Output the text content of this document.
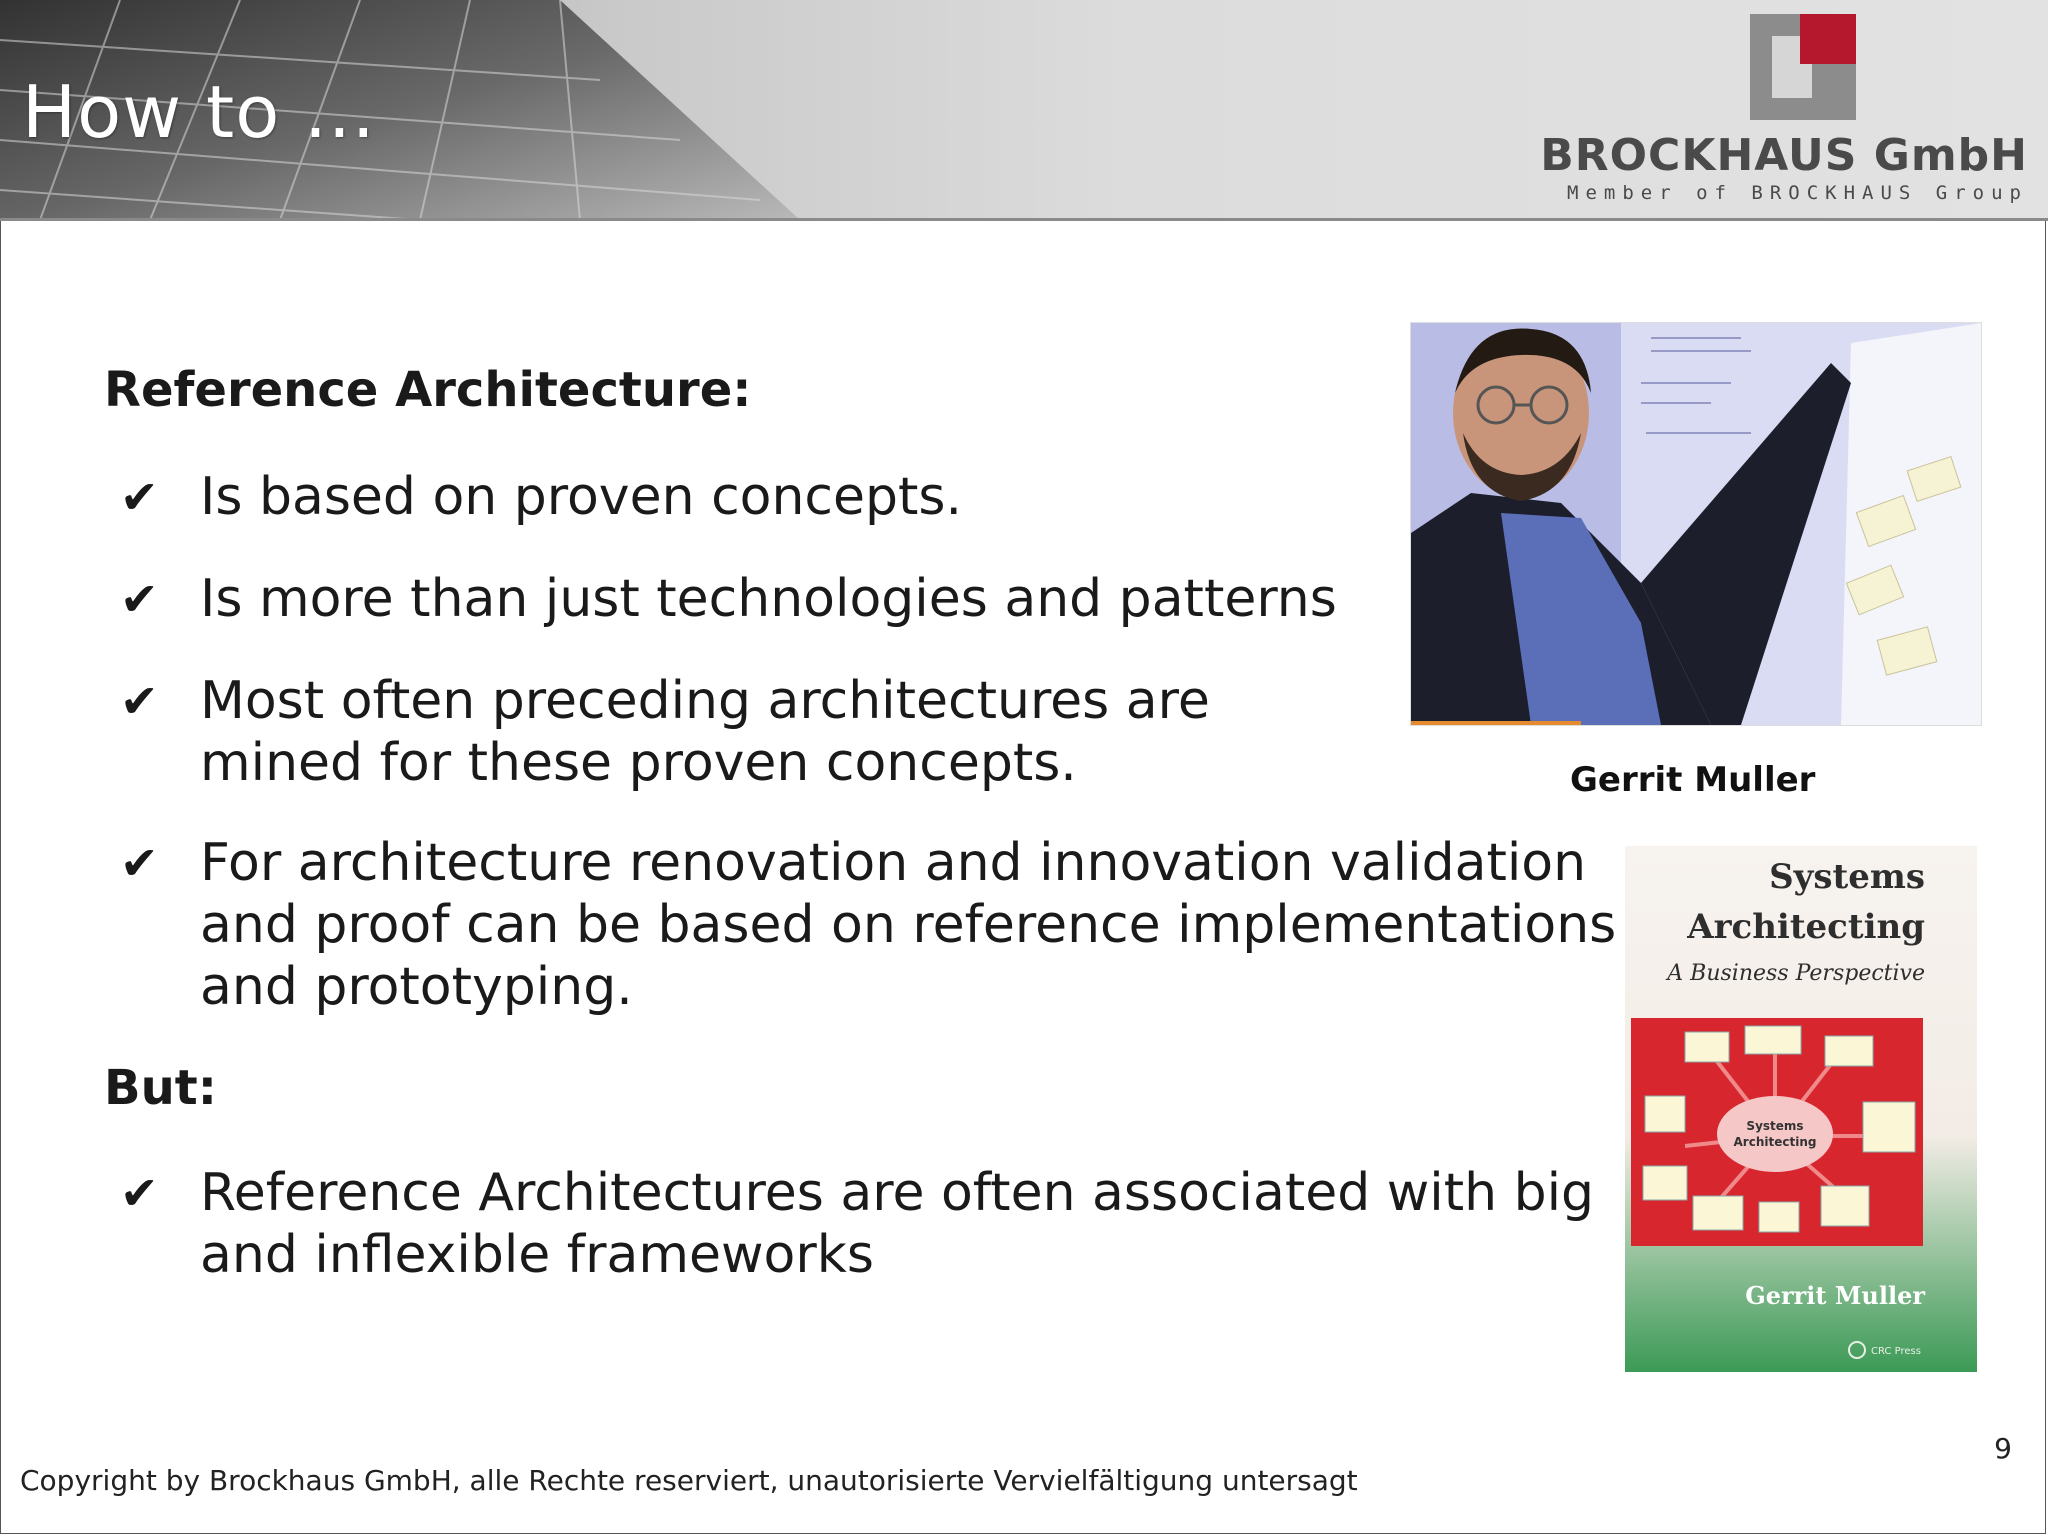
How to ...
BROCKHAUS GmbH
Member of BROCKHAUS Group
Reference Architecture:
✔ Is based on proven concepts.
✔ Is more than just technologies and patterns
✔ Most often preceding architectures are
mined for these proven concepts.
✔ For architecture renovation and innovation validation
and proof can be based on reference implementations
and prototyping.
But:
✔ Reference Architectures are often associated with big
and inflexible frameworks
Gerrit Muller
Systems
Architecting
A Business Perspective
Systems
Architecting
Gerrit Muller
CRC Press
9
Copyright by Brockhaus GmbH, alle Rechte reserviert, unautorisierte Vervielfältigung untersagt
